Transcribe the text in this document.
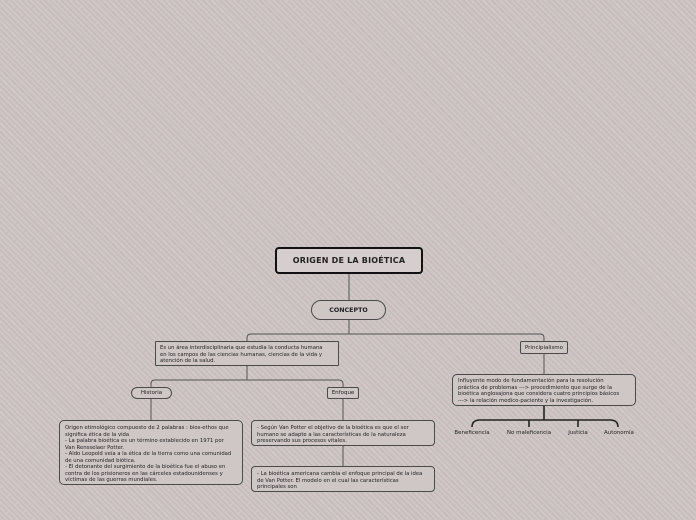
ORIGEN DE LA BIOÉTICA
CONCEPTO
Es un área interdisciplinaria que estudia la conducta humana
en los campos de las ciencias humanas, ciencias de la vida y
atención de la salud.
Historia	Enfoque
Principialismo
Origen etimológico compuesto de 2 palabras : bios-ethos que
significa ética de la vida
- La palabra bioética es un término establecido en 1971 por
Van Rensselaer Potter.
- Aldo Leopold veía a la ética de la tierra como una comunidad
de una comunidad biótica.
- El detonante del surgimiento de la bioética fue el abuso en
contra de los prisioneros en las cárceles estadounidenses y
víctimas de las guerras mundiales.
- Según Van Potter el objetivo de la bioética es que el ser
humano se adapte a las características de la naturaleza
preservando sus procesos vitales.
- La bioética americana cambia el enfoque principal de la idea
de Van Potter. El modelo en el cual las características
principales son
Influyente modo de fundamentación para la resolución
práctica de problemas ---> procedimiento que surge de la
bioética anglosajona que considera cuatro principios básicos
---> la relación medico-paciente y la investigación.
Beneficencia	No maleficencia	Justicia	Autonomía
